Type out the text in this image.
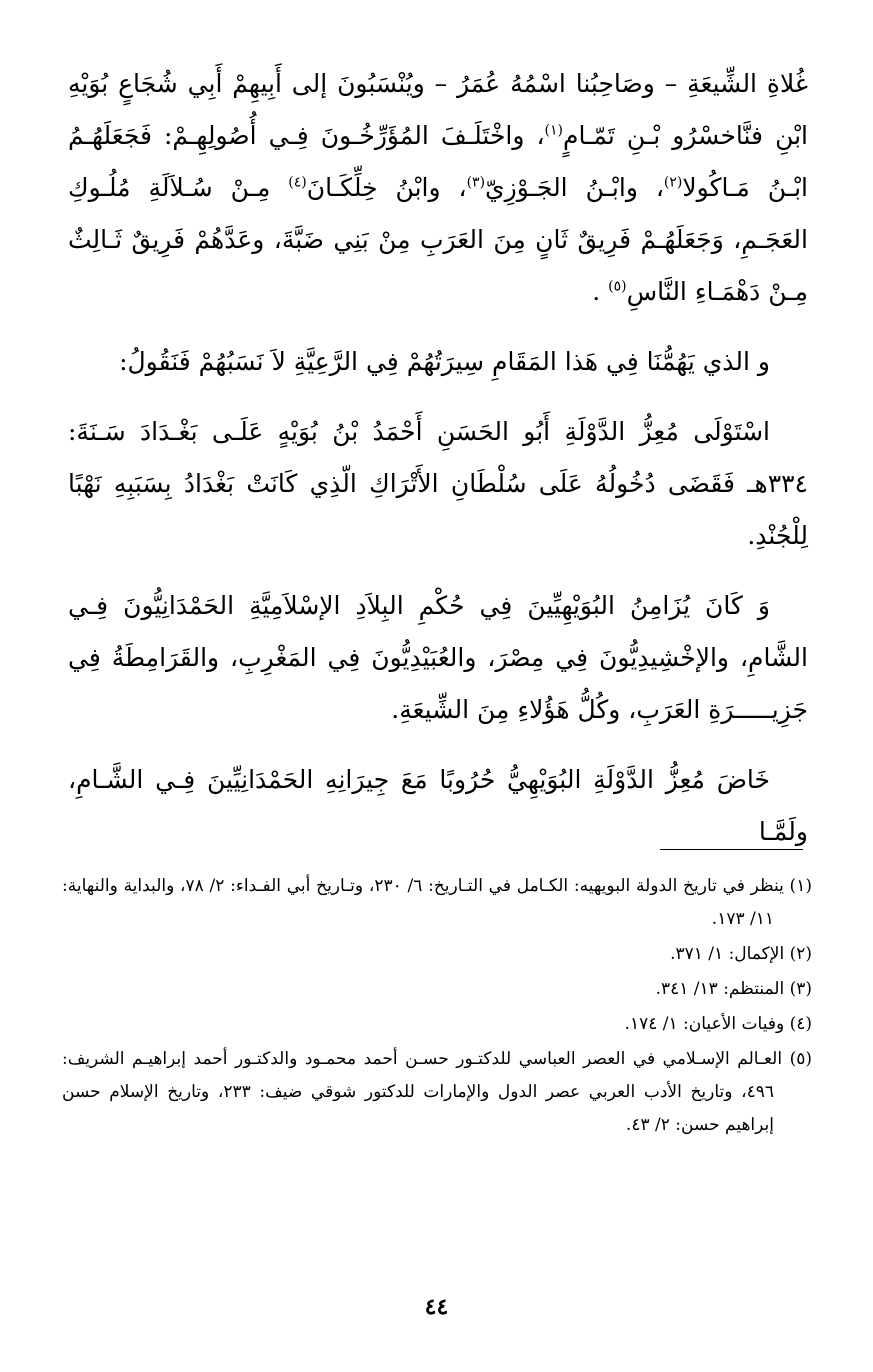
غُلاةِ الشِّيعَةِ – وصَاحِبُنا اسْمُهُ عُمَرُ – ويُنْسَبُونَ إلى أَبِيهِمْ أَبِي شُجَاعٍ بُوَيْهِ ابْنِ فنَّاخسْرُو بْـنِ تَمّـامٍ$^{(١)}$، واخْتَلَـفَ المُؤَرِّخُـونَ فِـي أُصُولِهِـمْ: فَجَعَلَهُـمُ ابْـنُ مَـاكُولا$^{(٢)}$، وابْـنُ الجَـوْزِيّ$^{(٣)}$، وابْنُ خِلِّكَـانَ$^{(٤)}$ مِـنْ سُـلاَلَةِ مُلُـوكِ العَجَـمِ، وَجَعَلَهُـمْ فَرِيقٌ ثَانٍ مِنَ العَرَبِ مِنْ بَنِي ضَبَّةَ، وعَدَّهُمْ فَرِيقٌ ثَـالِثٌ مِـنْ دَهْمَـاءِ النَّاسِ$^{(٥)}$ .

و الذي يَهُمُّنَا فِي هَذا المَقَامِ سِيرَتُهُمْ فِي الرَّعِيَّةِ لاَ نَسَبُهُمْ فَنَقُولُ:

اسْتَوْلَى مُعِزُّ الدَّوْلَةِ أَبُو الحَسَنِ أَحْمَدُ بْنُ بُوَيْهٍ عَلَـى بَغْـدَادَ سَـنَةَ: ٣٣٤هـ فَقَضَى دُخُولُهُ عَلَى سُلْطَانِ الأَتْرَاكِ الّذِي كَانَتْ بَغْدَادُ بِسَبَبِهِ نَهْبًا لِلْجُنْدِ.

وَ كَانَ يُزَامِنُ البُوَيْهِيِّينَ فِي حُكْمِ البِلاَدِ الإسْلاَمِيَّةِ الحَمْدَانِيُّونَ فِـي الشَّامِ، والإخْشِيدِيُّونَ فِي مِصْرَ، والعُبَيْدِيُّونَ فِي المَغْرِبِ، والقَرَامِطَةُ فِي جَزِيـــــرَةِ العَرَبِ، وكُلُّ هَؤُلاءِ مِنَ الشِّيعَةِ.

خَاضَ مُعِزُّ الدَّوْلَةِ البُوَيْهِيُّ حُرُوبًا مَعَ جِيرَانِهِ الحَمْدَانِيِّينَ فِـي الشَّـامِ، ولَمَّـا

(١) ينظر في تاريخ الدولة البويهيه: الكـامل في التـاريخ: ٦/ ٢٣٠، وتـاريخ أبي الفـداء: ٢/ ٧٨، والبداية والنهاية: ١١/ ١٧٣.

(٢) الإكمال: ١/ ٣٧١.

(٣) المنتظم: ١٣/ ٣٤١.

(٤) وفيات الأعيان: ١/ ١٧٤.

(٥) العـالم الإسـلامي في العصر العباسي للدكتـور حسـن أحمد محمـود والدكتـور أحمد إبراهيـم الشريف: ٤٩٦، وتاريخ الأدب العربي عصر الدول والإمارات للدكتور شوقي ضيف: ٢٣٣، وتاريخ الإسلام حسن إبراهيم حسن: ٢/ ٤٣.

٤٤
